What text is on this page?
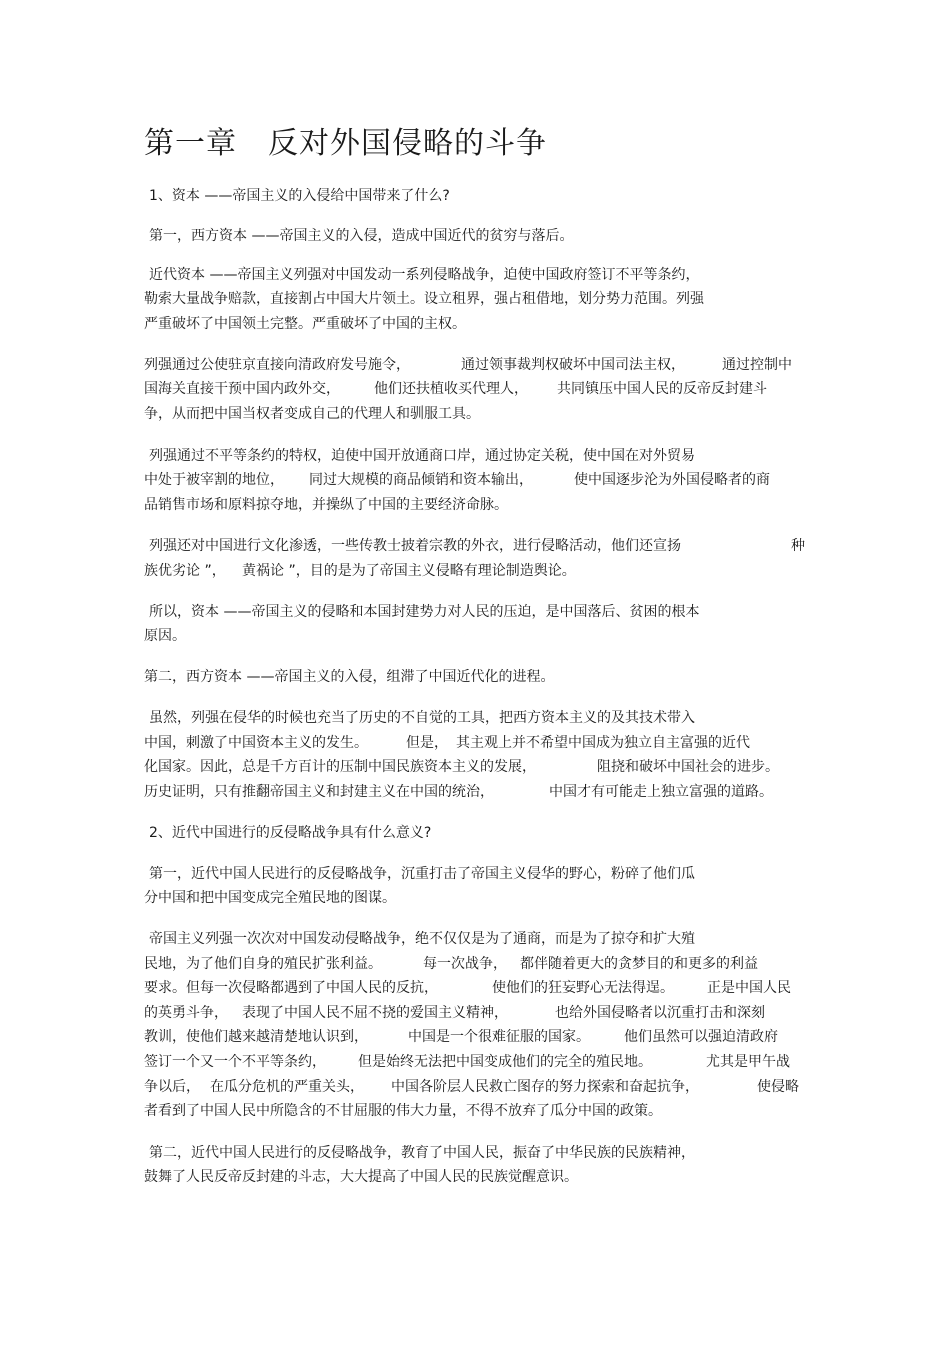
第一章　反对外国侵略的斗争

1、资本 ——帝国主义的入侵给中国带来了什么?

第一，西方资本 ——帝国主义的入侵，造成中国近代的贫穷与落后。

近代资本 ——帝国主义列强对中国发动一系列侵略战争，迫使中国政府签订不平等条约，

勒索大量战争赔款，直接割占中国大片领土。设立租界，强占租借地，划分势力范围。列强

严重破坏了中国领土完整。严重破坏了中国的主权。

列强通过公使驻京直接向清政府发号施令，	通过领事裁判权破坏中国司法主权，	通过控制中

国海关直接干预中国内政外交， 他们还扶植收买代理人， 共同镇压中国人民的反帝反封建斗

争，从而把中国当权者变成自己的代理人和驯服工具。

列强通过不平等条约的特权，迫使中国开放通商口岸，通过协定关税，使中国在对外贸易

中处于被宰割的地位， 同过大规模的商品倾销和资本输出，	使中国逐步沦为外国侵略者的商

品销售市场和原料掠夺地，并操纵了中国的主要经济命脉。

列强还对中国进行文化渗透，一些传教士披着宗教的外衣，进行侵略活动，他们还宣扬	种

族优劣论 ”， 黄祸论 ”，目的是为了帝国主义侵略有理论制造舆论。

所以，资本 ——帝国主义的侵略和本国封建势力对人民的压迫，是中国落后、贫困的根本

原因。

第二，西方资本 ——帝国主义的入侵，组滞了中国近代化的进程。

虽然，列强在侵华的时候也充当了历史的不自觉的工具，把西方资本主义的及其技术带入

中国，刺激了中国资本主义的发生。	但是， 其主观上并不希望中国成为独立自主富强的近代

化国家。因此，总是千方百计的压制中国民族资本主义的发展，	阻挠和破坏中国社会的进步。

历史证明，只有推翻帝国主义和封建主义在中国的统治，	中国才有可能走上独立富强的道路。

2、近代中国进行的反侵略战争具有什么意义?

第一，近代中国人民进行的反侵略战争，沉重打击了帝国主义侵华的野心，粉碎了他们瓜

分中国和把中国变成完全殖民地的图谋。

帝国主义列强一次次对中国发动侵略战争，绝不仅仅是为了通商，而是为了掠夺和扩大殖

民地，为了他们自身的殖民扩张利益。	每一次战争， 都伴随着更大的贪梦目的和更多的利益

要求。但每一次侵略都遇到了中国人民的反抗，	使他们的狂妄野心无法得逞。 正是中国人民

的英勇斗争， 表现了中国人民不屈不挠的爱国主义精神，	也给外国侵略者以沉重打击和深刻

教训，使他们越来越清楚地认识到，	中国是一个很难征服的国家。 他们虽然可以强迫清政府

签订一个又一个不平等条约， 但是始终无法把中国变成他们的完全的殖民地。	尤其是甲午战

争以后， 在瓜分危机的严重关头， 中国各阶层人民救亡图存的努力探索和奋起抗争，	使侵略

者看到了中国人民中所隐含的不甘屈服的伟大力量，不得不放弃了瓜分中国的政策。

第二，近代中国人民进行的反侵略战争，教育了中国人民，振奋了中华民族的民族精神，

鼓舞了人民反帝反封建的斗志，大大提高了中国人民的民族觉醒意识。
